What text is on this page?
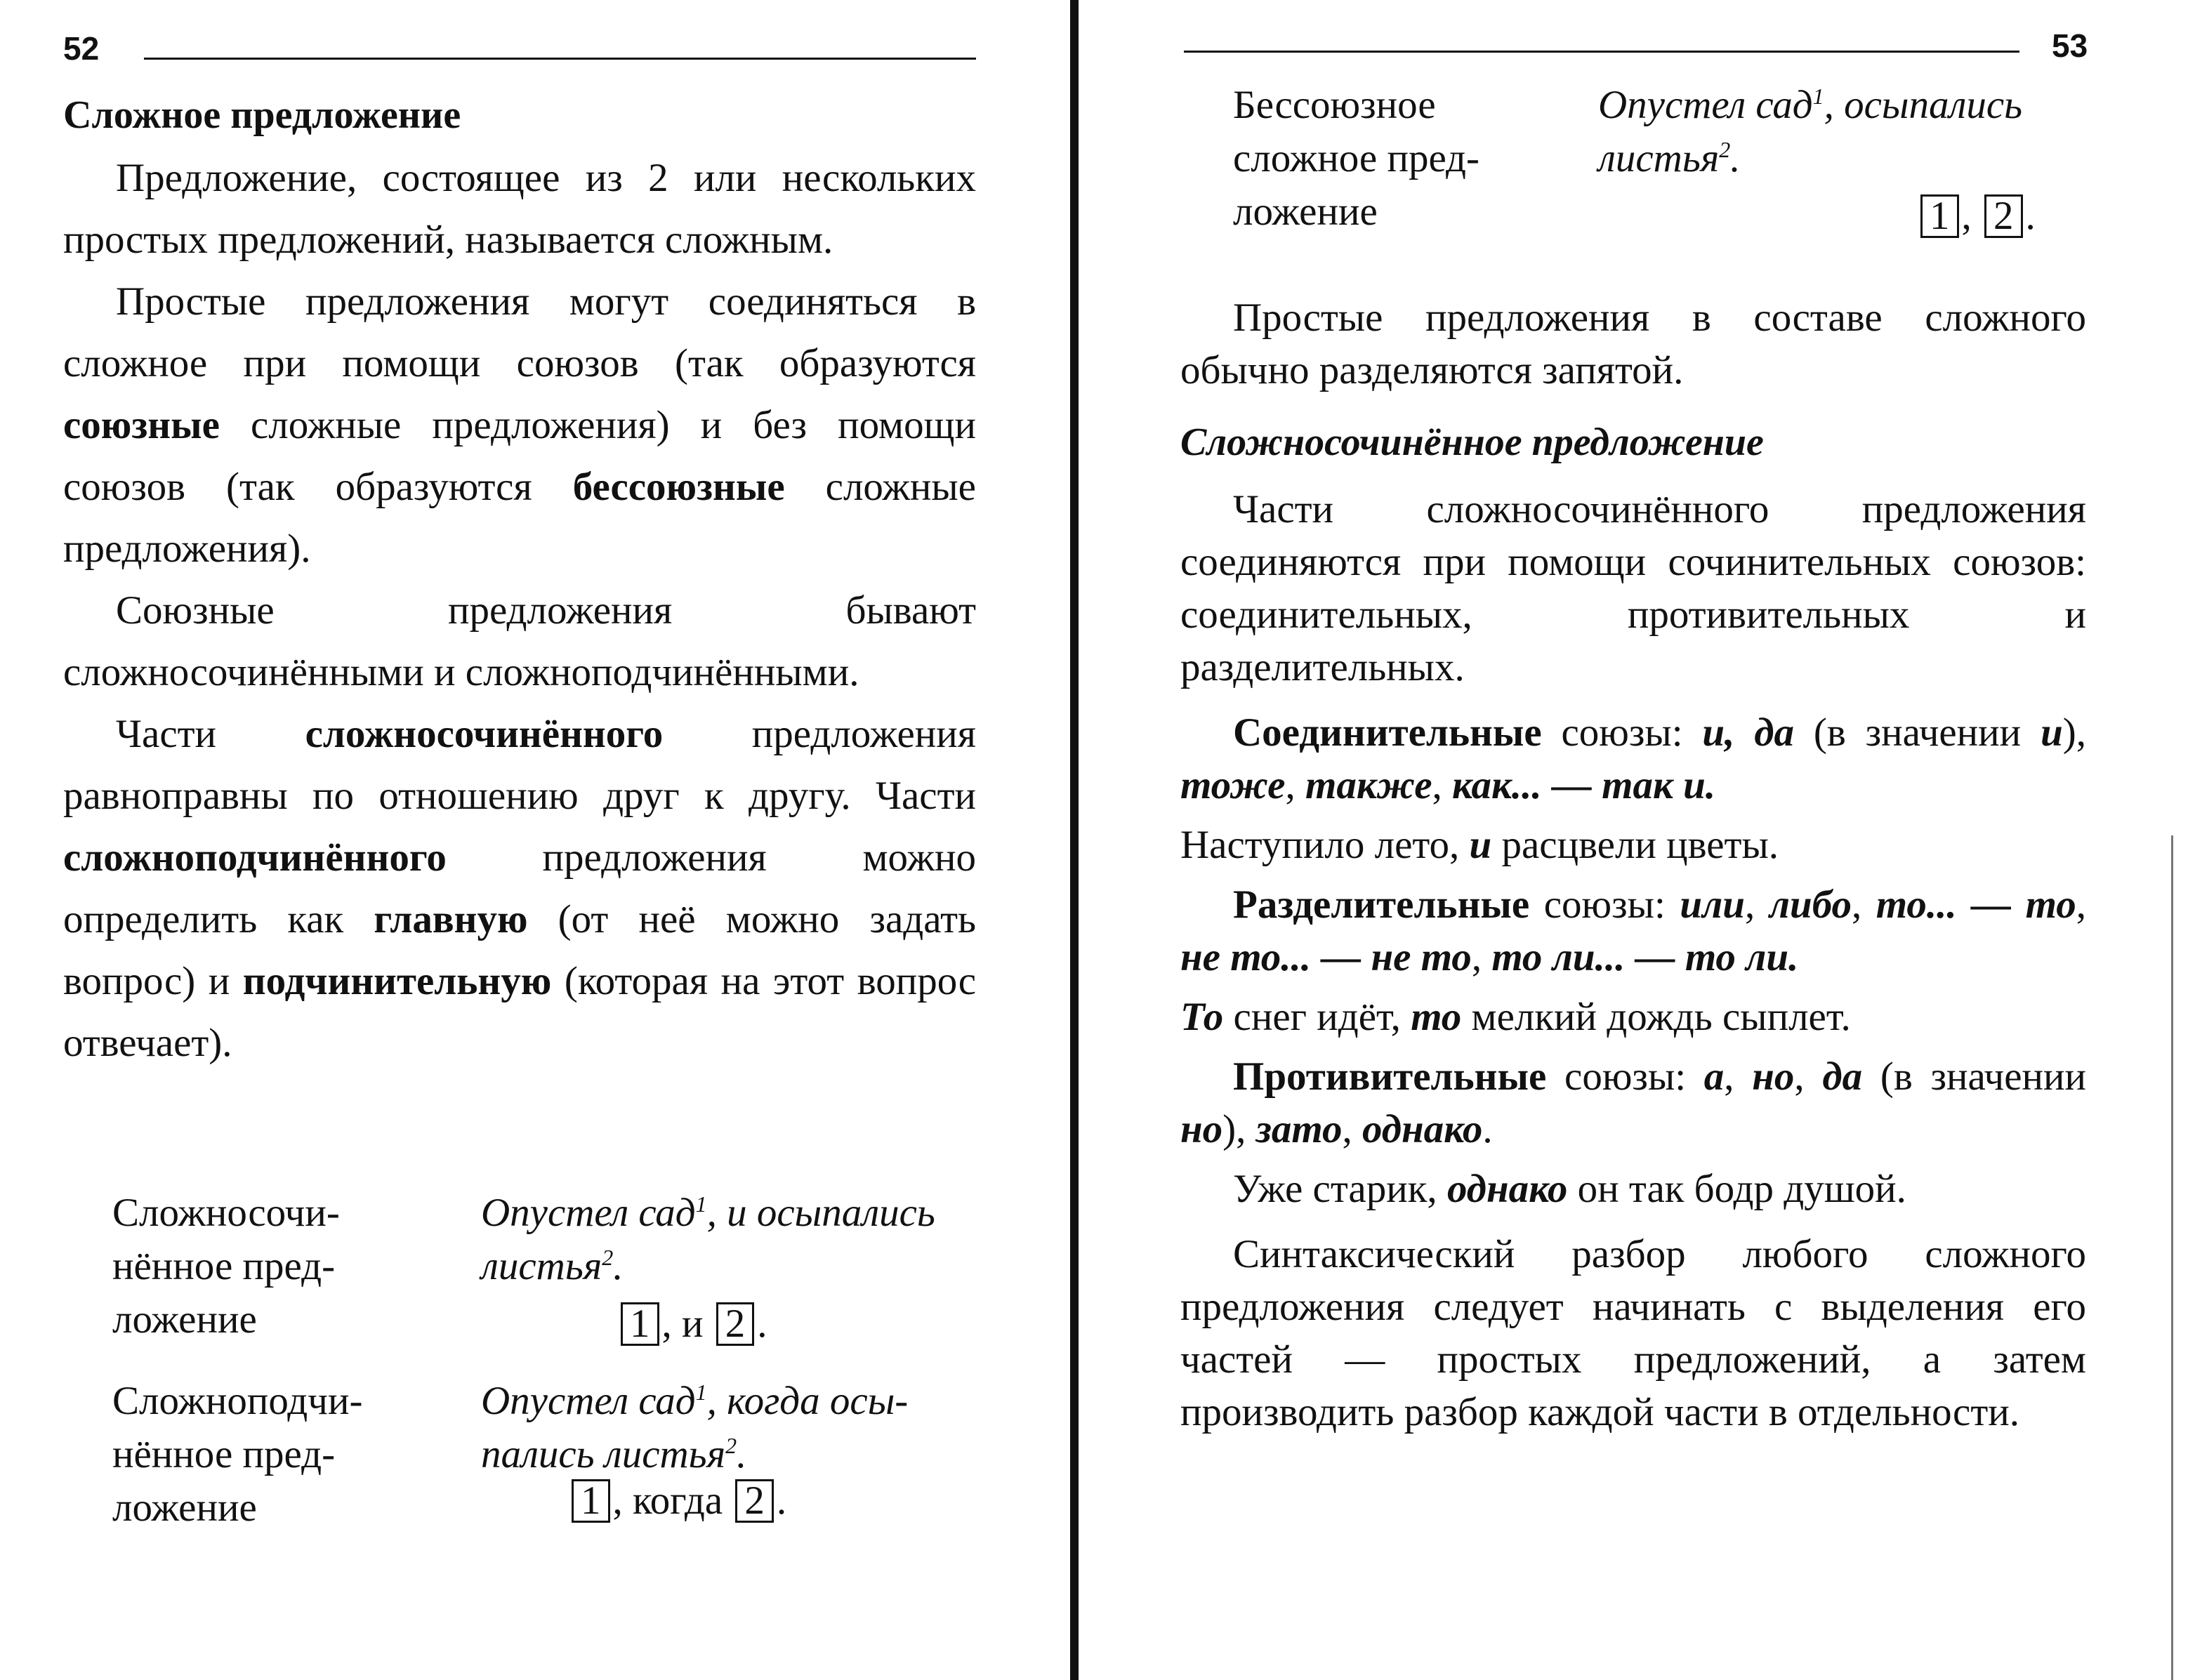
52

Сложное предложение

Предложение, состоящее из 2 или нескольких простых предложений, называется сложным.

Простые предложения могут соединяться в сложное при помощи союзов (так образуются союзные сложные предложения) и без помощи союзов (так образуются бессоюзные сложные предложения).

Союзные предложения бывают сложносочинёнными и сложноподчинёнными.

Части сложносочинённого предложения равноправны по отношению друг к другу. Части сложноподчинённого предложения можно определить как главную (от неё можно задать вопрос) и подчинительную (которая на этот вопрос отвечает).

Сложносочи-
нённое пред-
ложение
Опустел сад$^1$, и осыпались
листья$^2$.
1 , и 2 .
Сложноподчи-
нённое пред-
ложение
Опустел сад$^1$, когда осы-
пались листья$^2$.
1 , когда 2 .
53
Бессоюзное
сложное пред-
ложение
Опустел сад$^1$, осыпались
листья$^2$.
1 , 2 .

Простые предложения в составе сложного обычно разделяются запятой.

Сложносочинённое предложение

Части сложносочинённого предложения соединяются при помощи сочинительных союзов: соединительных, противительных и разделительных.

Соединительные союзы: и, да (в значении и), тоже, также, как... — так и.

Наступило лето, и расцвели цветы.

Разделительные союзы: или, либо, то... — то, не то... — не то, то ли... — то ли.

То снег идёт, то мелкий дождь сыплет.

Противительные союзы: а, но, да (в значении но), зато, однако.

Уже старик, однако он так бодр душой.

Синтаксический разбор любого сложного предложения следует начинать с выделения его частей — простых предложений, а затем производить разбор каждой части в отдельности.
